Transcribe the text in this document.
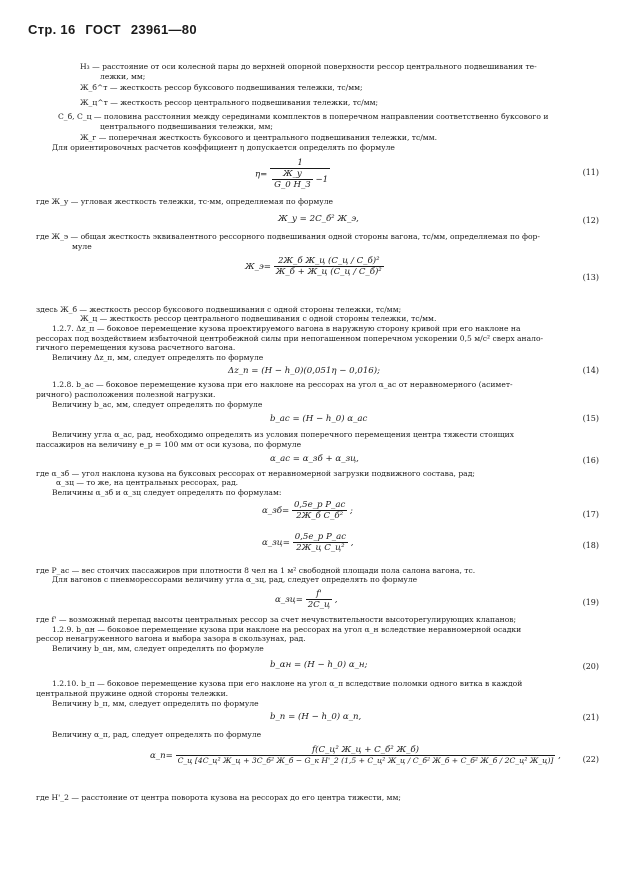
Стр. 16 ГОСТ 23961—80
Н₃ — расстояние от оси колесной пары до верхней опорной поверхности рессор центрального подвешивания те-
лежки, мм;
Ж_б^т — жесткость рессор буксового подвешивания тележки, тс/мм;
Ж_ц^т — жесткость рессор центрального подвешивания тележки, тс/мм;
С_б, С_ц — половина расстояния между серединами комплектов в поперечном направлении соответственно буксового и
центрального подвешивания тележки, мм;
Ж_г — поперечная жесткость буксового и центрального подвешивания тележки, тс/мм.
Для ориентировочных расчетов коэффициент η допускается определять по формуле
$\eta= \frac{1}{\frac{Ж\_у}{G\_0 H\_3} -1}$	(11)
где Ж_у — угловая жесткость тележки, тс·мм, определяемая по формуле
Ж_у = 2C_б² Ж_э,	(12)
где Ж_э — общая жесткость эквивалентного рессорного подвешивания одной стороны вагона, тс/мм, определяемая по фор-
муле
Ж_э= $\frac{\text{2Ж\_б Ж\_ц (C\_ц / C\_б)²}}{\text{Ж\_б + Ж\_ц (C\_ц / C\_б)²}}$
(13)
здесь Ж_б — жесткость рессор буксового подвешивания с одной стороны тележки, тс/мм;
Ж_ц — жесткость рессор центрального подвешивания с одной стороны тележки, тс/мм.
1.2.7. Δz_п — боковое перемещение кузова проектируемого вагона в наружную сторону кривой при его наклоне на
рессорах под воздействием избыточной центробежной силы при непогашенном поперечном ускорении 0,5 м/с² сверх анало-
гичного перемещения кузова расчетного вагона.
Величину Δz_п, мм, следует определять по формуле
Δz_п = (H − h_0)(0,051η − 0,016);	(14)
1.2.8. b_ас — боковое перемещение кузова при его наклоне на рессорах на угол α_ас от неравномерного (асимет-
ричного) расположения полезной нагрузки.
Величину b_ас, мм, следует определять по формуле
b_ас = (H − h_0) α_ас	(15)
Величину угла α_ас, рад, необходимо определять из условия поперечного перемещения центра тяжести стоящих
пассажиров на величину e_p = 100 мм от оси кузова, по формуле
α_ас = α_зб + α_зц,	(16)
где α_зб — угол наклона кузова на буксовых рессорах от неравномерной загрузки подвижного состава, рад;
α_зц — то же, на центральных рессорах, рад.
Величины α_зб и α_зц следует определять по формулам:
α_зб= $\frac{\text{0,5e\_p P\_ас}}{\text{2Ж\_б C\_б²}}$ ;	(17)
α_зц= $\frac{\text{0,5e\_p P\_ас}}{\text{2Ж\_ц C\_ц²}}$ ,	(18)
где P_ас — вес стоячих пассажиров при плотности 8 чел на 1 м² свободной площади пола салона вагона, тс.
Для вагонов с пневморессорами величину угла α_зц, рад, следует определять по формуле
α_зц= $\frac{f'}{2C\_ц}$ ,	(19)
где f' — возможный перепад высоты центральных рессор за счет нечувствительности высоторегулирующих клапанов;
1.2.9. b_αн — боковое перемещение кузова при наклоне на рессорах на угол α_н вследствие неравномерной осадки
рессор ненагруженного вагона и выбора зазора в скользунах, рад.
Величину b_αн, мм, следует определять по формуле
b_αн = (H − h_0) α_н;	(20)
1.2.10. b_п — боковое перемещение кузова при его наклоне на угол α_п вследствие поломки одного витка в каждой
центральной пружине одной стороны тележки.
Величину b_п, мм, следует определять по формуле
b_п = (H − h_0) α_п,	(21)
Величину α_п, рад, следует определять по формуле
α_п=
f(C_ц² Ж_ц + C_б² Ж_б)
C_ц [4C_ц² Ж_ц + 3C_б² Ж_б − G_к H'_2 (1,5 + C_ц² Ж_ц / C_б² Ж_б + C_б² Ж_б / 2C_ц² Ж_ц)] ,	(22)
где H'_2 — расстояние от центра поворота кузова на рессорах до его центра тяжести, мм;
